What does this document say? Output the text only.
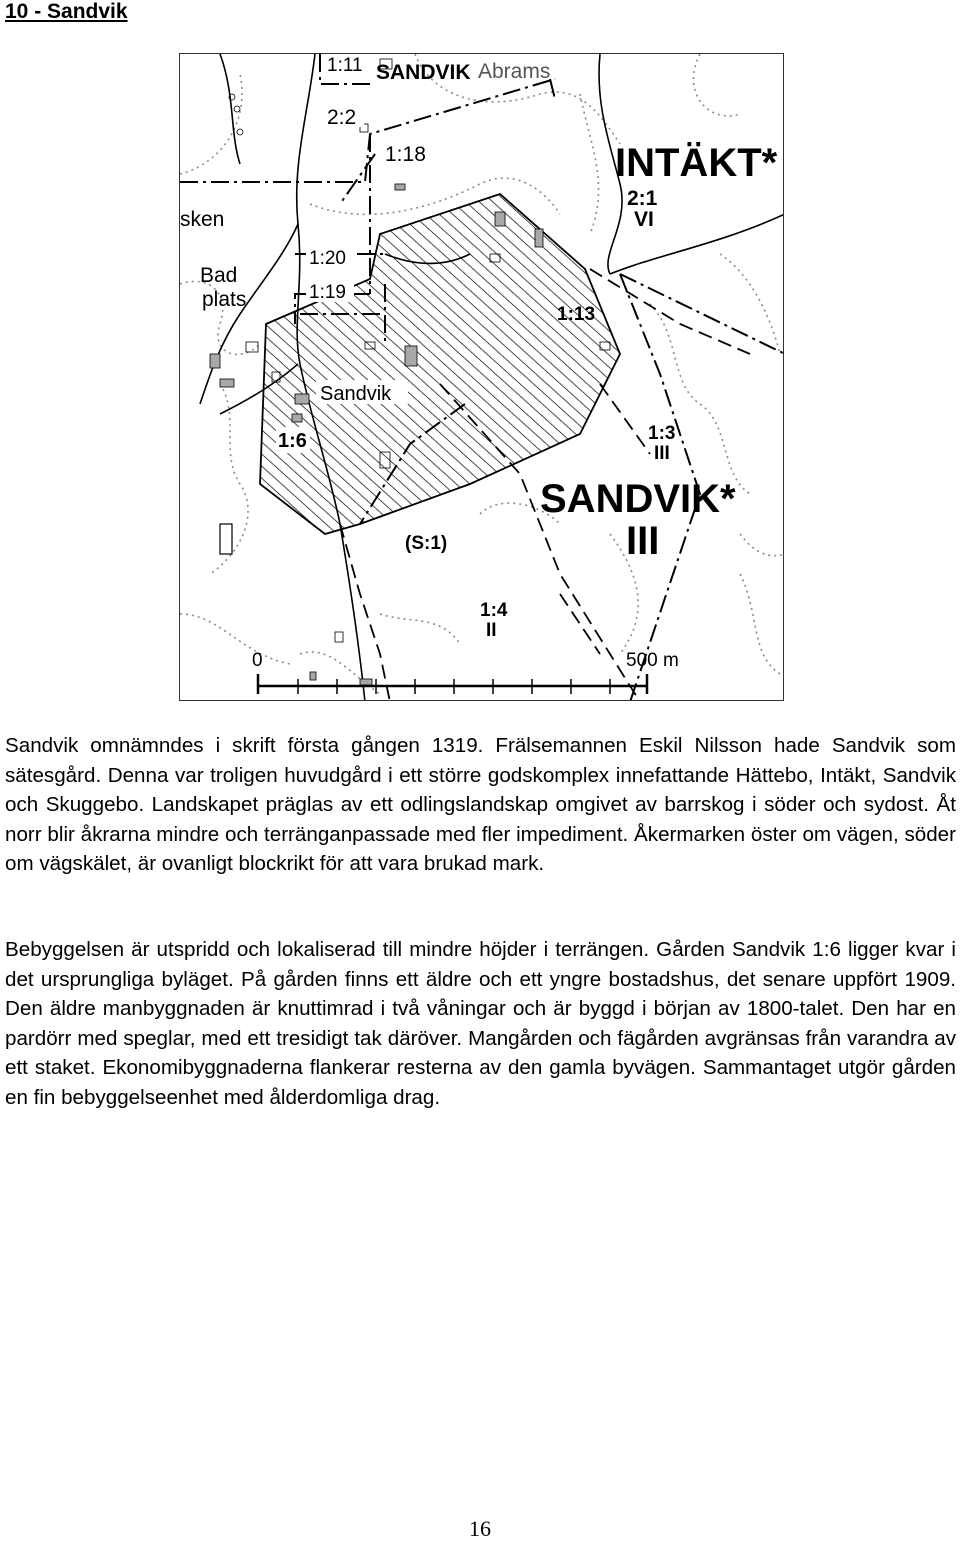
10 - Sandvik
1:11 SANDVIK Abrams
2:2
1:18	INTÄKT*
2:1
VI
sken
Bad
plats
1:20
1:19
1:13
Sandvik
1:6	1:3
III
SANDVIK*
III
(S:1)
1:4
II
0	500 m

Sandvik omnämndes i skrift första gången 1319. Frälsemannen Eskil Nilsson hade Sandvik som sätesgård. Denna var troligen huvudgård i ett större godskomplex innefattande Hättebo, Intäkt, Sandvik och Skuggebo. Landskapet präglas av ett odlingslandskap omgivet av barrskog i söder och sydost. Åt norr blir åkrarna mindre och terränganpassade med fler impediment. Åkermarken öster om vägen, söder om vägskälet, är ovanligt blockrikt för att vara brukad mark.

Bebyggelsen är utspridd och lokaliserad till mindre höjder i terrängen. Gården Sandvik 1:6 ligger kvar i det ursprungliga byläget. På gården finns ett äldre och ett yngre bostadshus, det senare uppfört 1909. Den äldre manbyggnaden är knuttimrad i två våningar och är byggd i början av 1800-talet. Den har en pardörr med speglar, med ett tresidigt tak däröver. Mangården och fägården avgränsas från varandra av ett staket. Ekonomibyggnaderna flankerar resterna av den gamla byvägen. Sammantaget utgör gården en fin bebyggelseenhet med ålderdomliga drag.

16
